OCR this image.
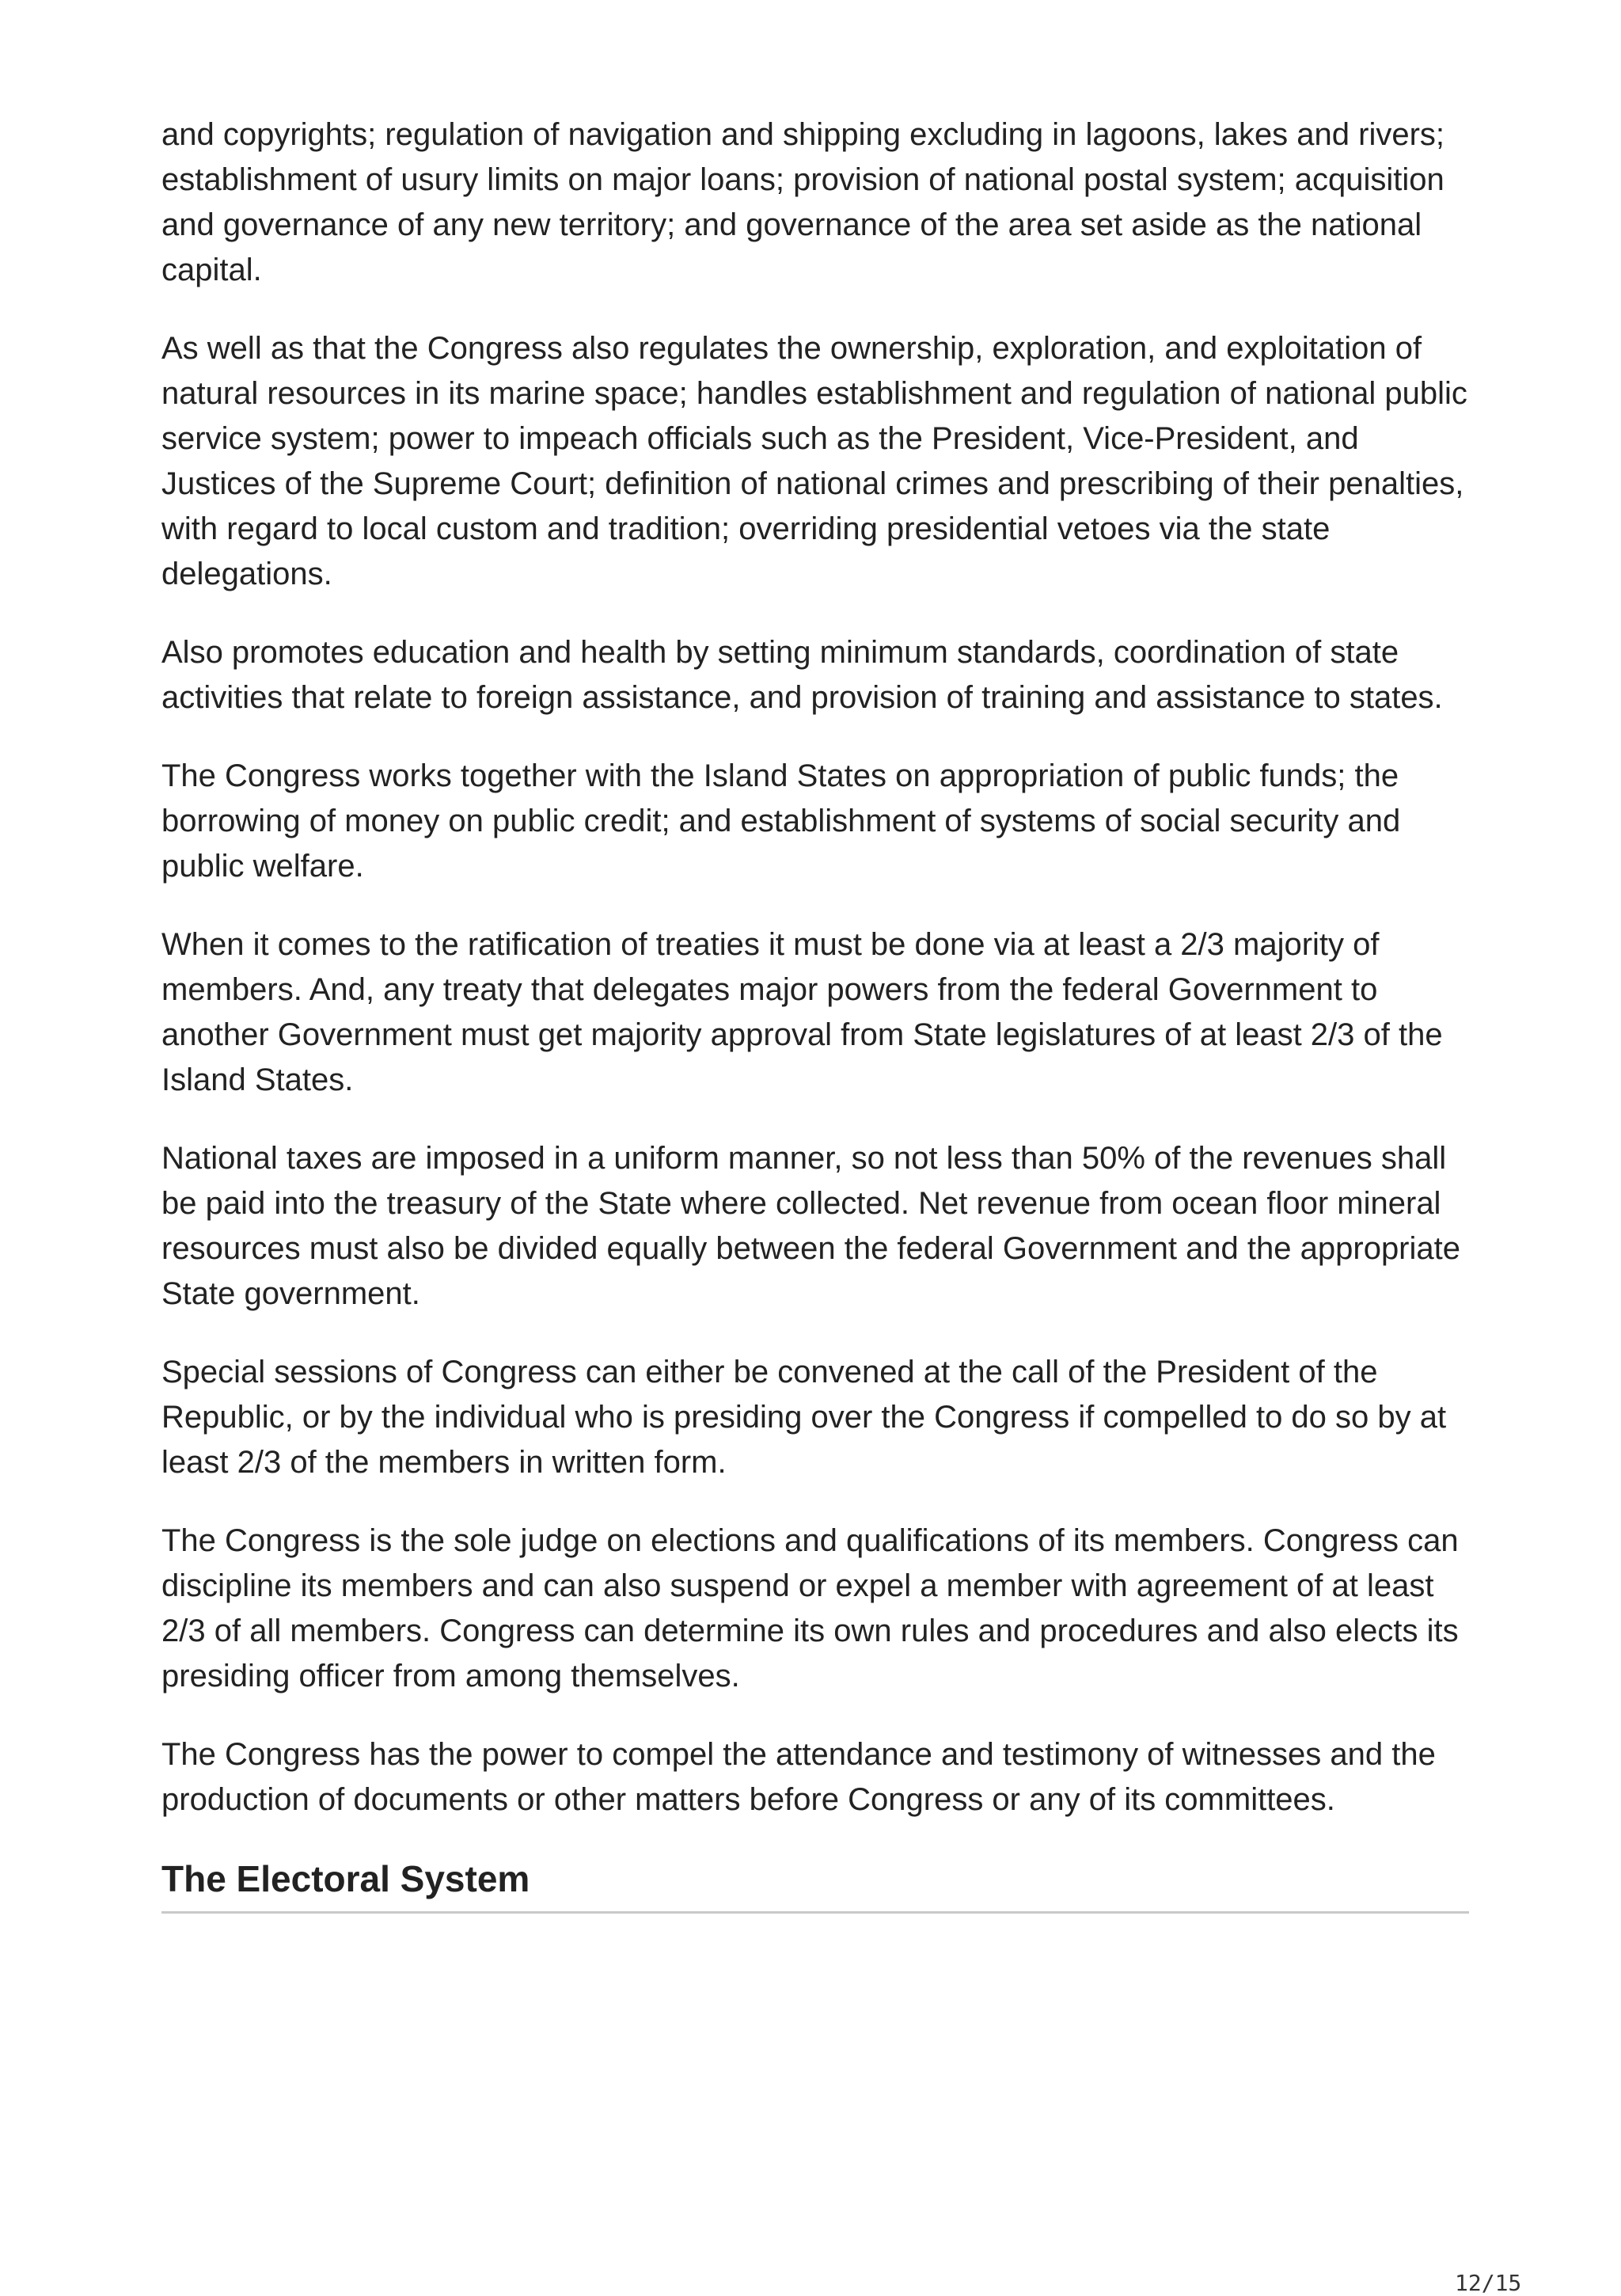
and copyrights; regulation of navigation and shipping excluding in lagoons, lakes and rivers; establishment of usury limits on major loans; provision of national postal system; acquisition and governance of any new territory; and governance of the area set aside as the national capital.

As well as that the Congress also regulates the ownership, exploration, and exploitation of natural resources in its marine space; handles establishment and regulation of national public service system; power to impeach officials such as the President, Vice-President, and Justices of the Supreme Court; definition of national crimes and prescribing of their penalties, with regard to local custom and tradition; overriding presidential vetoes via the state delegations.

Also promotes education and health by setting minimum standards, coordination of state activities that relate to foreign assistance, and provision of training and assistance to states.

The Congress works together with the Island States on appropriation of public funds; the borrowing of money on public credit; and establishment of systems of social security and public welfare.

When it comes to the ratification of treaties it must be done via at least a 2/3 majority of members. And, any treaty that delegates major powers from the federal Government to another Government must get majority approval from State legislatures of at least 2/3 of the Island States.

National taxes are imposed in a uniform manner, so not less than 50% of the revenues shall be paid into the treasury of the State where collected. Net revenue from ocean floor mineral resources must also be divided equally between the federal Government and the appropriate State government.

Special sessions of Congress can either be convened at the call of the President of the Republic, or by the individual who is presiding over the Congress if compelled to do so by at least 2/3 of the members in written form.

The Congress is the sole judge on elections and qualifications of its members. Congress can discipline its members and can also suspend or expel a member with agreement of at least 2/3 of all members. Congress can determine its own rules and procedures and also elects its presiding officer from among themselves.

The Congress has the power to compel the attendance and testimony of witnesses and the production of documents or other matters before Congress or any of its committees.

The Electoral System
12/15
